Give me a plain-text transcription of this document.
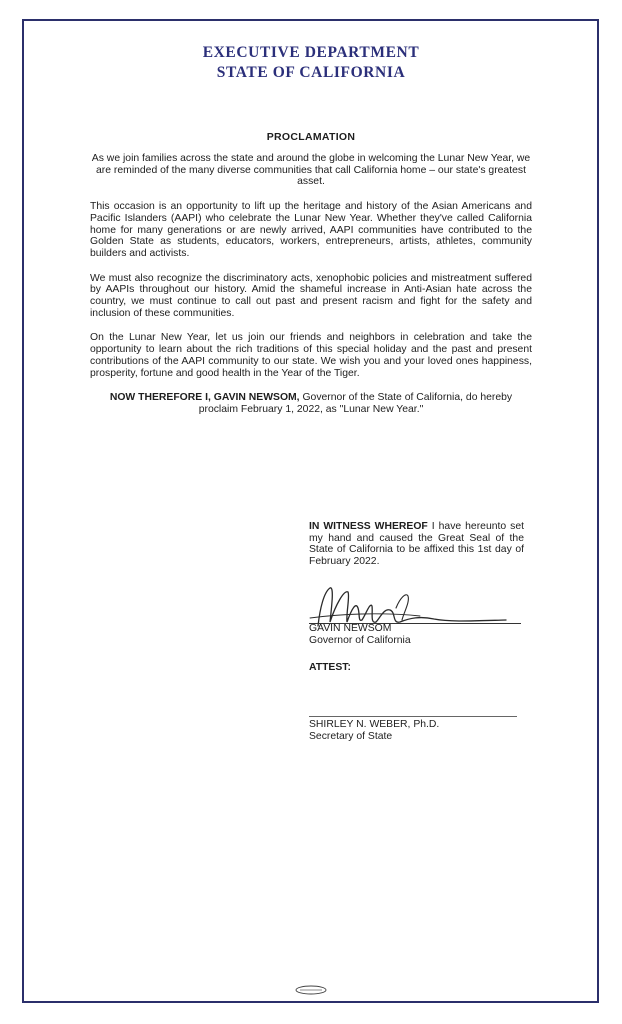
EXECUTIVE DEPARTMENT
STATE OF CALIFORNIA
PROCLAMATION

As we join families across the state and around the globe in welcoming the Lunar New Year, we are reminded of the many diverse communities that call California home – our state's greatest asset.

This occasion is an opportunity to lift up the heritage and history of the Asian Americans and Pacific Islanders (AAPI) who celebrate the Lunar New Year. Whether they've called California home for many generations or are newly arrived, AAPI communities have contributed to the Golden State as students, educators, workers, entrepreneurs, artists, athletes, community builders and activists.

We must also recognize the discriminatory acts, xenophobic policies and mistreatment suffered by AAPIs throughout our history. Amid the shameful increase in Anti-Asian hate across the country, we must continue to call out past and present racism and fight for the safety and inclusion of these communities.

On the Lunar New Year, let us join our friends and neighbors in celebration and take the opportunity to learn about the rich traditions of this special holiday and the past and present contributions of the AAPI community to our state. We wish you and your loved ones happiness, prosperity, fortune and good health in the Year of the Tiger.

NOW THEREFORE I, GAVIN NEWSOM, Governor of the State of California, do hereby proclaim February 1, 2022, as "Lunar New Year."

IN WITNESS WHEREOF I have hereunto set my hand and caused the Great Seal of the State of California to be affixed this 1st day of February 2022.
GAVIN NEWSOM
Governor of California
ATTEST:
SHIRLEY N. WEBER, Ph.D.
Secretary of State
